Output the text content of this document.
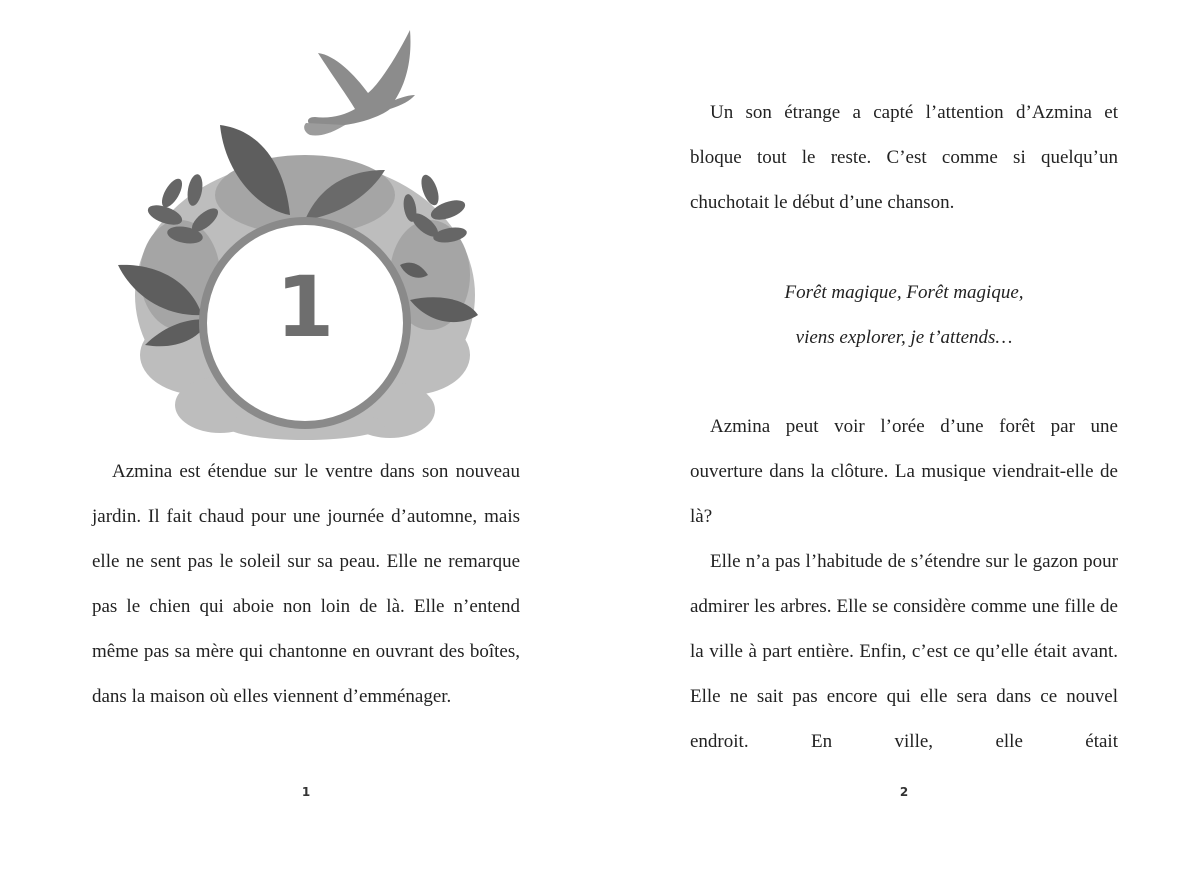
1

Azmina est étendue sur le ventre dans son nouveau jardin. Il fait chaud pour une journée d’automne, mais elle ne sent pas le soleil sur sa peau. Elle ne remarque pas le chien qui aboie non loin de là. Elle n’entend même pas sa mère qui chantonne en ouvrant des boîtes, dans la maison où elles viennent d’emménager.

1

Un son étrange a capté l’attention d’Azmina et bloque tout le reste. C’est comme si quelqu’un chuchotait le début d’une chanson.

Forêt magique, Forêt magique,
viens explorer, je t’attends…

Azmina peut voir l’orée d’une forêt par une ouverture dans la clôture. La musique viendrait-elle de là?

Elle n’a pas l’habitude de s’étendre sur le gazon pour admirer les arbres. Elle se considère comme une fille de la ville à part entière. Enfin, c’est ce qu’elle était avant. Elle ne sait pas encore qui elle sera dans ce nouvel endroit. En ville, elle était

2
